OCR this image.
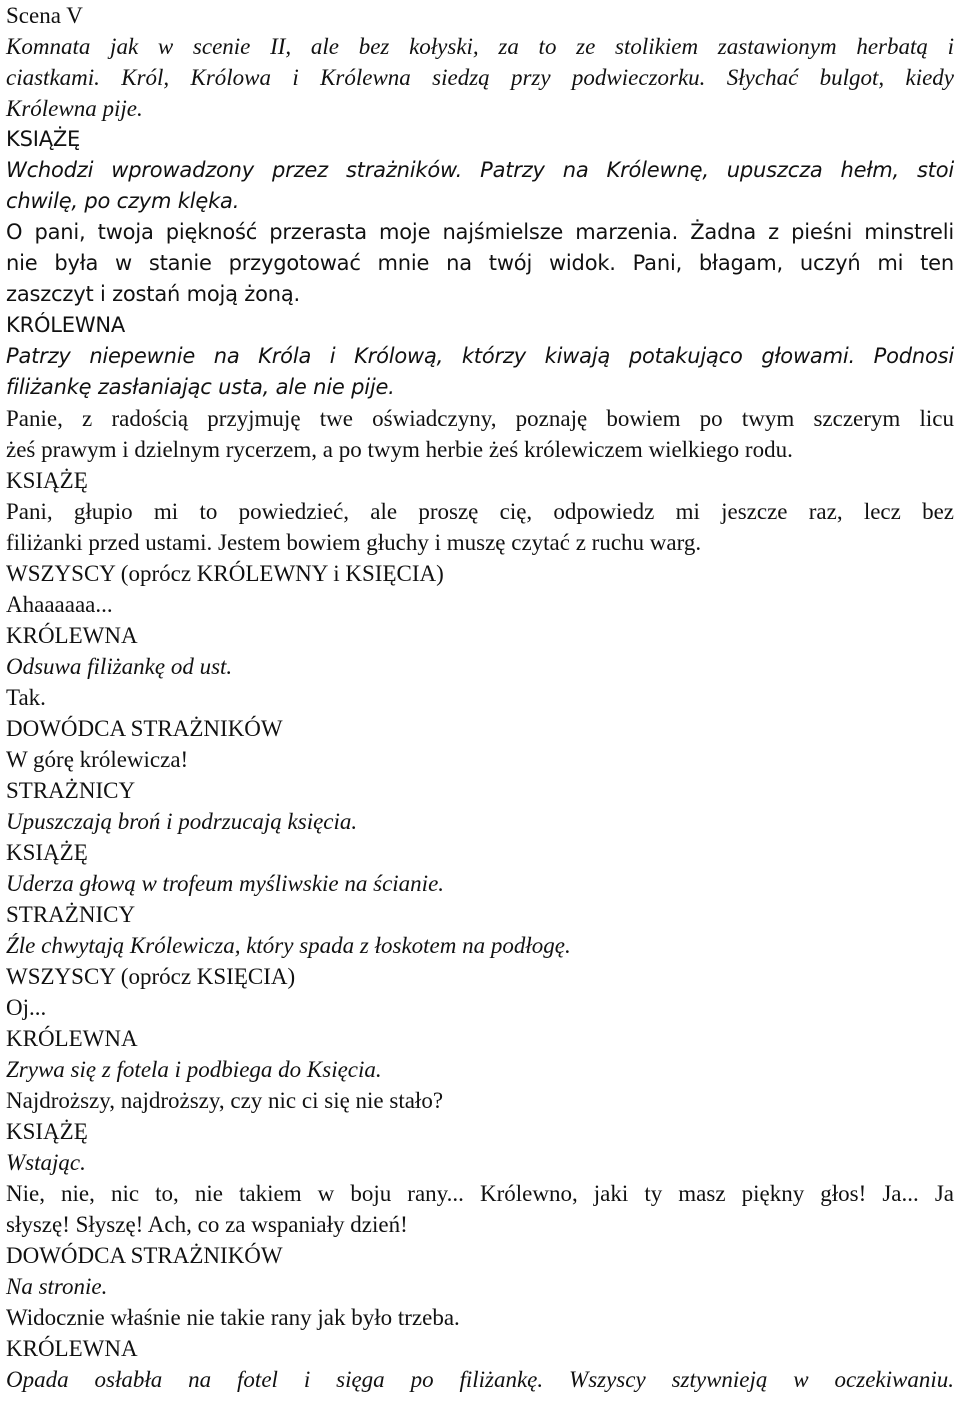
Scena V

Komnata jak w scenie II, ale bez kołyski, za to ze stolikiem zastawionym herbatą i

ciastkami. Król, Królowa i Królewna siedzą przy podwieczorku. Słychać bulgot, kiedy

Królewna pije.

KSIĄŻĘ

Wchodzi wprowadzony przez strażników. Patrzy na Królewnę, upuszcza hełm, stoi

chwilę, po czym klęka.

O pani, twoja piękność przerasta moje najśmielsze marzenia. Żadna z pieśni minstreli

nie była w stanie przygotować mnie na twój widok. Pani, błagam, uczyń mi ten

zaszczyt i zostań moją żoną.

KRÓLEWNA

Patrzy niepewnie na Króla i Królową, którzy kiwają potakująco głowami. Podnosi

filiżankę zasłaniając usta, ale nie pije.

Panie, z radością przyjmuję twe oświadczyny, poznaję bowiem po twym szczerym licu

żeś prawym i dzielnym rycerzem, a po twym herbie żeś królewiczem wielkiego rodu.

KSIĄŻĘ

Pani, głupio mi to powiedzieć, ale proszę cię, odpowiedz mi jeszcze raz, lecz bez

filiżanki przed ustami. Jestem bowiem głuchy i muszę czytać z ruchu warg.

WSZYSCY (oprócz KRÓLEWNY i KSIĘCIA)

Ahaaaaaa...

KRÓLEWNA

Odsuwa filiżankę od ust.

Tak.

DOWÓDCA STRAŻNIKÓW

W górę królewicza!

STRAŻNICY

Upuszczają broń i podrzucają księcia.

KSIĄŻĘ

Uderza głową w trofeum myśliwskie na ścianie.

STRAŻNICY

Źle chwytają Królewicza, który spada z łoskotem na podłogę.

WSZYSCY (oprócz KSIĘCIA)

Oj...

KRÓLEWNA

Zrywa się z fotela i podbiega do Księcia.

Najdroższy, najdroższy, czy nic ci się nie stało?

KSIĄŻĘ

Wstając.

Nie, nie, nic to, nie takiem w boju rany... Królewno, jaki ty masz piękny głos! Ja... Ja

słyszę! Słyszę! Ach, co za wspaniały dzień!

DOWÓDCA STRAŻNIKÓW

Na stronie.

Widocznie właśnie nie takie rany jak było trzeba.

KRÓLEWNA

Opada osłabła na fotel i sięga po filiżankę. Wszyscy sztywnieją w oczekiwaniu.
